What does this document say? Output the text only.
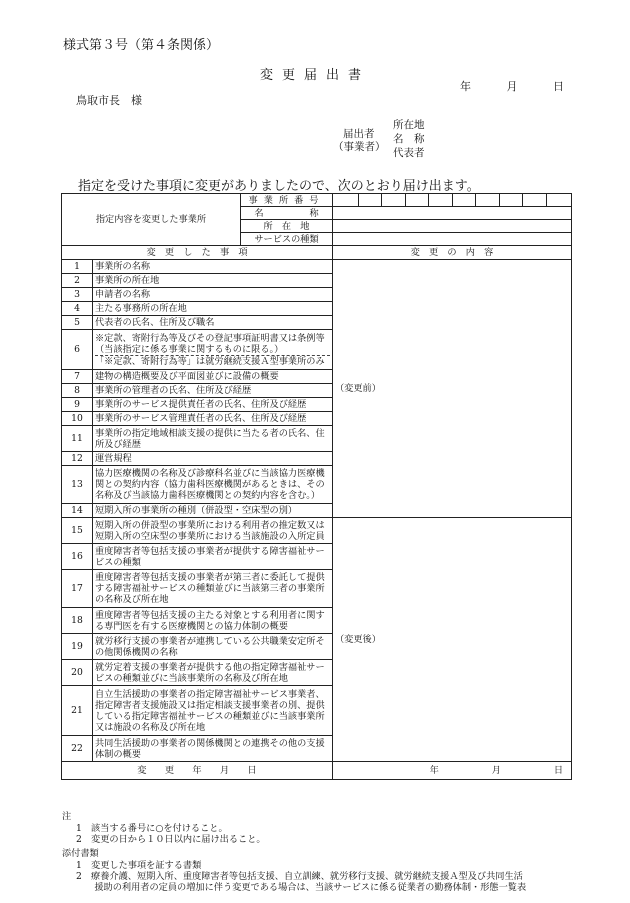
様式第３号（第４条関係）
変更届出書
年	月	日
鳥取市長　様
届出者
（事業者）
所在地
名　称
代表者
指定を受けた事項に変更がありましたので、次のとおり届け出ます。
指定内容を変更した事業所		事業所番号	

		名　　　　　称	
		所　在　地	
		サービスの種類	
変　更　し　た　事　項			変　更　の　内　容
1	事業所の名称		（変更前）
2	事業所の所在地		
3	申請者の名称		
4	主たる事務所の所在地		
5	代表者の氏名、住所及び職名		
6	※定款、寄附行為等及びその登記事項証明書又は条例等（当該指定に係る事業に関するものに限る。）
「※定款、寄附行為等」は就労継続支援Ａ型事業所のみ		

7	建物の構造概要及び平面図並びに設備の概要		
8	事業所の管理者の氏名、住所及び経歴		
9	事業所のサービス提供責任者の氏名、住所及び経歴		
10	事業所のサービス管理責任者の氏名、住所及び経歴		
11	事業所の指定地域相談支援の提供に当たる者の氏名、住所及び経歴		
12	運営規程		
13	協力医療機関の名称及び診療科名並びに当該協力医療機関との契約内容（協力歯科医療機関があるときは、その名称及び当該協力歯科医療機関との契約内容を含む。）		
14	短期入所の事業所の種別（併設型・空床型の別）		
15	短期入所の併設型の事業所における利用者の推定数又は短期入所の空床型の事業所における当該施設の入所定員		（変更後）
16	重度障害者等包括支援の事業者が提供する障害福祉サービスの種類		
17	重度障害者等包括支援の事業者が第三者に委託して提供する障害福祉サービスの種類並びに当該第三者の事業所の名称及び所在地		
18	重度障害者等包括支援の主たる対象とする利用者に関する専門医を有する医療機関との協力体制の概要		
19	就労移行支援の事業者が連携している公共職業安定所その他関係機関の名称		
20	就労定着支援の事業者が提供する他の指定障害福祉サービスの種類並びに当該事業所の名称及び所在地		
21	自立生活援助の事業者の指定障害福祉サービス事業者、指定障害者支援施設又は指定相談支援事業者の別、提供している指定障害福祉サービスの種類並びに当該事業所又は施設の名称及び所在地		
22	共同生活援助の事業者の関係機関との連携その他の支援体制の概要		
変　　更　　年　　月　　日			年 月 日
注
1　該当する番号に○を付けること。
2　変更の日から１０日以内に届け出ること。
添付書類
1　変更した事項を証する書類
2　療養介護、短期入所、重度障害者等包括支援、自立訓練、就労移行支援、就労継続支援Ａ型及び共同生活
　　援助の利用者の定員の増加に伴う変更である場合は、当該サービスに係る従業者の勤務体制・形態一覧表
